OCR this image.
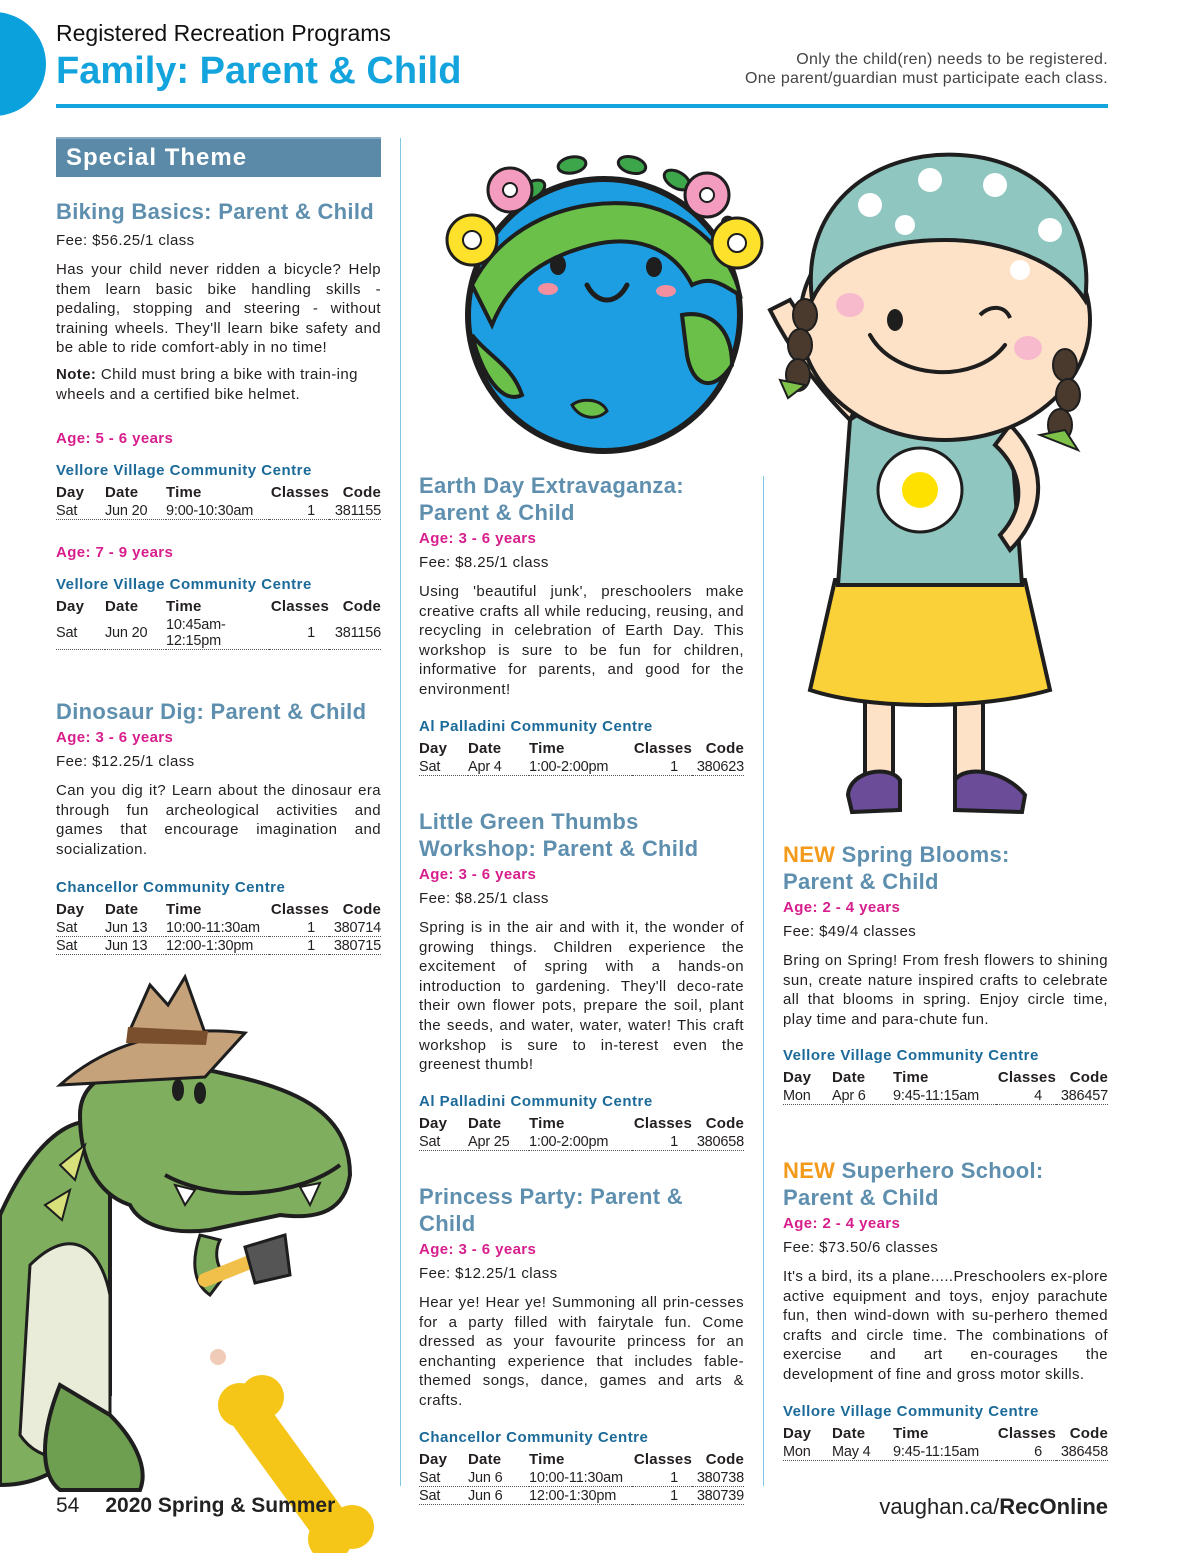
Registered Recreation Programs
Family: Parent & Child	Only the child(ren) needs to be registered.
One parent/guardian must participate each class.
Special Theme
Biking Basics: Parent & Child
Fee: $56.25/1 class
Has your child never ridden a bicycle? Help them learn basic bike handling skills - pedaling, stopping and steering - without training wheels. They'll learn bike safety and be able to ride comfort-ably in no time!
Note: Child must bring a bike with train-ing wheels and a certified bike helmet.
Age: 5 - 6 years
Vellore Village Community Centre
Day	Date	Time	Classes	Code
Sat	Jun 20	9:00-10:30am	1	381155
Age: 7 - 9 years
Vellore Village Community Centre
Day	Date	Time	Classes	Code
Sat	Jun 20	10:45am-12:15pm	1	381156
Dinosaur Dig: Parent & Child
Age: 3 - 6 years
Fee: $12.25/1 class
Can you dig it? Learn about the dinosaur era through fun archeological activities and games that encourage imagination and socialization.
Chancellor Community Centre
Day	Date	Time	Classes	Code
Sat	Jun 13	10:00-11:30am	1	380714
Sat	Jun 13	12:00-1:30pm	1	380715
Earth Day Extravaganza:
Parent & Child
Age: 3 - 6 years
Fee: $8.25/1 class
Using 'beautiful junk', preschoolers make creative crafts all while reducing, reusing, and recycling in celebration of Earth Day. This workshop is sure to be fun for children, informative for parents, and good for the environment!
Al Palladini Community Centre
Day	Date	Time	Classes	Code
Sat	Apr 4	1:00-2:00pm	1	380623
Little Green Thumbs
Workshop: Parent & Child
Age: 3 - 6 years
Fee: $8.25/1 class
Spring is in the air and with it, the wonder of growing things. Children experience the excitement of spring with a hands-on introduction to gardening. They'll deco-rate their own flower pots, prepare the soil, plant the seeds, and water, water, water! This craft workshop is sure to in-terest even the greenest thumb!
Al Palladini Community Centre
Day	Date	Time	Classes	Code
Sat	Apr 25	1:00-2:00pm	1	380658
Princess Party: Parent & Child
Age: 3 - 6 years
Fee: $12.25/1 class
Hear ye! Hear ye! Summoning all prin-cesses for a party filled with fairytale fun. Come dressed as your favourite princess for an enchanting experience that includes fable-themed songs, dance, games and arts & crafts.
Chancellor Community Centre
Day	Date	Time	Classes	Code
Sat	Jun 6	10:00-11:30am	1	380738
Sat	Jun 6	12:00-1:30pm	1	380739
NEW Spring Blooms:
Parent & Child
Age: 2 - 4 years
Fee: $49/4 classes
Bring on Spring! From fresh flowers to shining sun, create nature inspired crafts to celebrate all that blooms in spring. Enjoy circle time, play time and para-chute fun.
Vellore Village Community Centre
Day	Date	Time	Classes	Code
Mon	Apr 6	9:45-11:15am	4	386457
NEW Superhero School:
Parent & Child
Age: 2 - 4 years
Fee: $73.50/6 classes
It's a bird, its a plane.....Preschoolers ex-plore active equipment and toys, enjoy parachute fun, then wind-down with su-perhero themed crafts and circle time. The combinations of exercise and art en-courages the development of fine and gross motor skills.
Vellore Village Community Centre
Day	Date	Time	Classes	Code
Mon	May 4	9:45-11:15am	6	386458
54 2020 Spring & Summer	vaughan.ca/RecOnline
